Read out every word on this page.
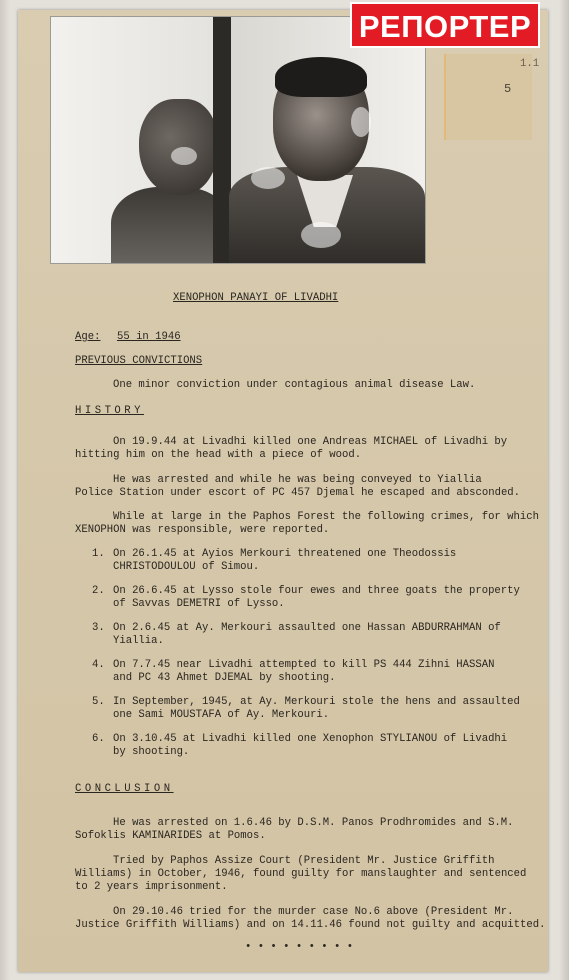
5
1.1
РЕПОРТЕР
XENOPHON PANAYI OF LIVADHI
Age: 55 in 1946
PREVIOUS CONVICTIONS
One minor conviction under contagious animal disease Law.
HISTORY
On 19.9.44 at Livadhi killed one Andreas MICHAEL of Livadhi by
hitting him on the head with a piece of wood.
He was arrested and while he was being conveyed to Yiallia
Police Station under escort of PC 457 Djemal he escaped and absconded.
While at large in the Paphos Forest the following crimes, for which
XENOPHON was responsible, were reported.
1. On 26.1.45 at Ayios Merkouri threatened one Theodossis
CHRISTODOULOU of Simou.
2. On 26.6.45 at Lysso stole four ewes and three goats the property
of Savvas DEMETRI of Lysso.
3. On 2.6.45 at Ay. Merkouri assaulted one Hassan ABDURRAHMAN of
Yiallia.
4. On 7.7.45 near Livadhi attempted to kill PS 444 Zihni HASSAN
and PC 43 Ahmet DJEMAL by shooting.
5. In September, 1945, at Ay. Merkouri stole the hens and assaulted
one Sami MOUSTAFA of Ay. Merkouri.
6. On 3.10.45 at Livadhi killed one Xenophon STYLIANOU of Livadhi
by shooting.
CONCLUSION
He was arrested on 1.6.46 by D.S.M. Panos Prodhromides and S.M.
Sofoklis KAMINARIDES at Pomos.
Tried by Paphos Assize Court (President Mr. Justice Griffith
Williams) in October, 1946, found guilty for manslaughter and sentenced
to 2 years imprisonment.
On 29.10.46 tried for the murder case No.6 above (President Mr.
Justice Griffith Williams) and on 14.11.46 found not guilty and acquitted.
• • • • • • • • •
